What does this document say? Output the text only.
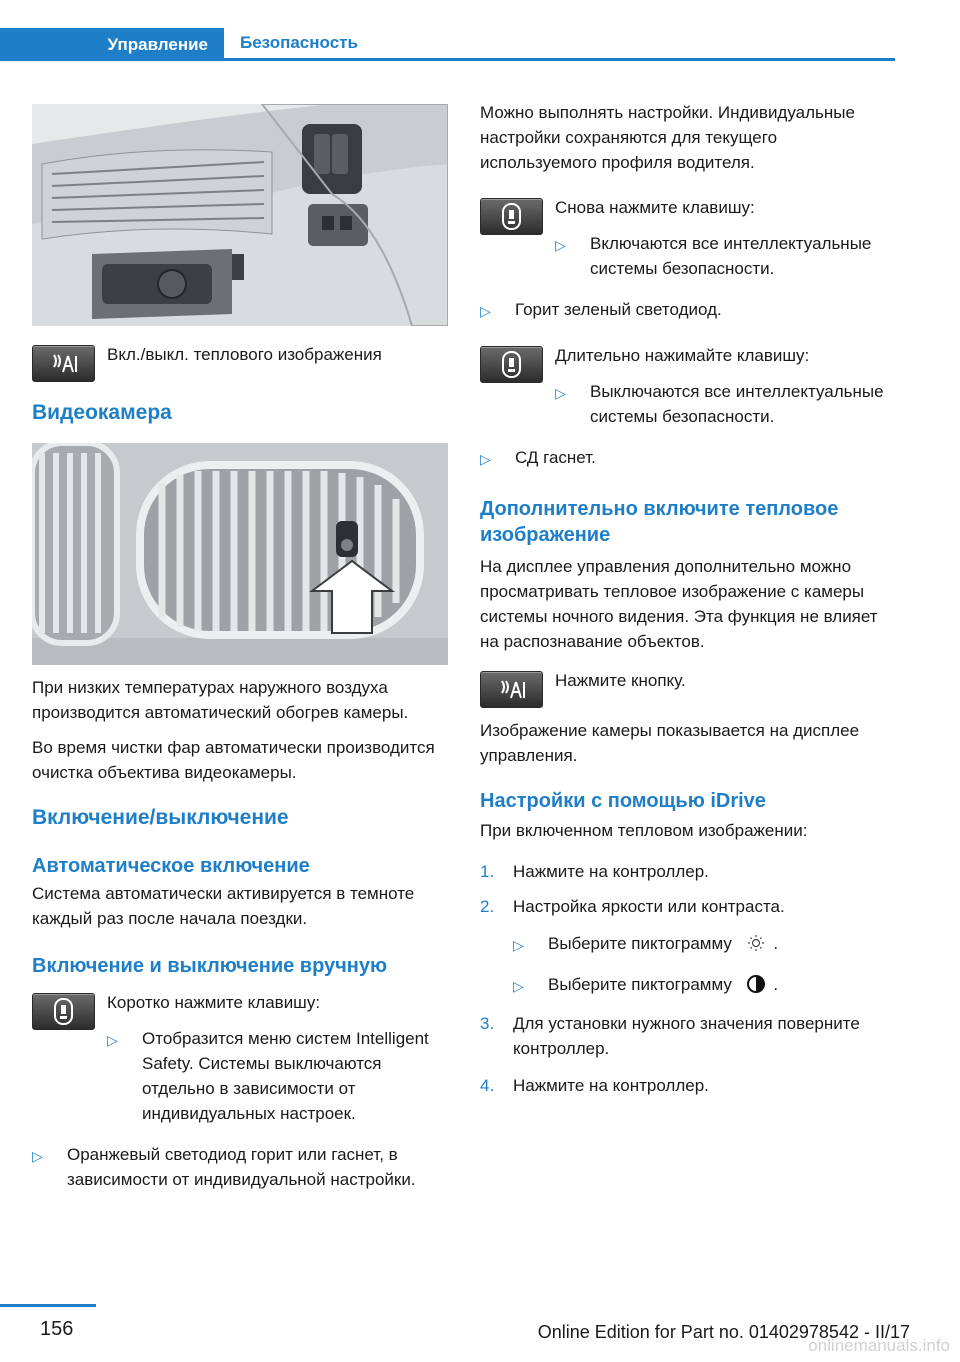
Управление	Безопасность
Вкл./выкл. теплового изображения
Видеокамера

При низких температурах наружного воздуха производится автоматический обогрев камеры.

Во время чистки фар автоматически производится очистка объектива видеокамеры.

Включение/выключение
Автоматическое включение

Система автоматически активируется в темноте каждый раз после начала поездки.

Включение и выключение вручную
Коротко нажмите клавишу:
▷ Отобразится меню систем Intelligent Safety. Системы выключаются отдельно в зависимости от индивидуальных настроек.
▷ Оранжевый светодиод горит или гаснет, в зависимости от индивидуальной настройки.

Можно выполнять настройки. Индивидуальные настройки сохраняются для текущего используемого профиля водителя.

Снова нажмите клавишу:
▷ Включаются все интеллектуальные системы безопасности.
▷ Горит зеленый светодиод.
Длительно нажимайте клавишу:
▷ Выключаются все интеллектуальные системы безопасности.
▷ СД гаснет.
Дополнительно включите тепловое изображение

На дисплее управления дополнительно можно просматривать тепловое изображение с камеры системы ночного видения. Эта функция не влияет на распознавание объектов.

Нажмите кнопку.

Изображение камеры показывается на дисплее управления.

Настройки с помощью iDrive

При включенном тепловом изображении:

1. Нажмите на контроллер.
2. Настройка яркости или контраста.
▷ Выберите пиктограмму .
▷ Выберите пиктограмму .
3. Для установки нужного значения поверните контроллер.
4. Нажмите на контроллер.
156	Online Edition for Part no. 01402978542 - II/17
onlinemanuals.info
